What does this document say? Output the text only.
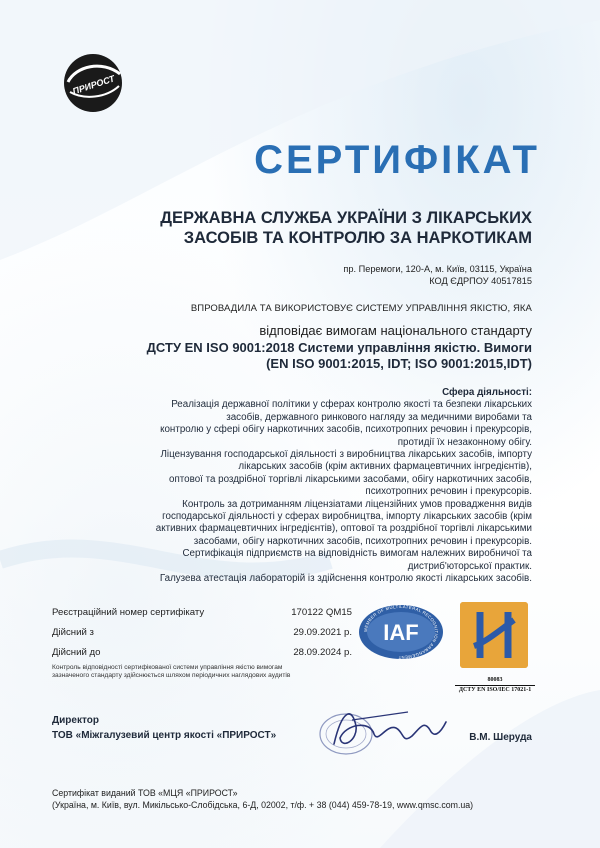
ПРИРОСТ
СЕРТИФІКАТ
ДЕРЖАВНА СЛУЖБА УКРАЇНИ З ЛІКАРСЬКИХ
ЗАСОБІВ ТА КОНТРОЛЮ ЗА НАРКОТИКАМ
пр. Перемоги, 120-А, м. Київ, 03115, Україна
КОД ЄДРПОУ 40517815
ВПРОВАДИЛА ТА ВИКОРИСТОВУЄ СИСТЕМУ УПРАВЛІННЯ ЯКІСТЮ, ЯКА
відповідає вимогам національного стандарту
ДСТУ EN ISO 9001:2018 Системи управління якістю. Вимоги
(EN ISO 9001:2015, IDT; ISO 9001:2015,IDT)
Сфера діяльності:
Реалізація державної політики у сферах контролю якості та безпеки лікарських
засобів, державного ринкового нагляду за медичними виробами та
контролю у сфері обігу наркотичних засобів, психотропних речовин і прекурсорів,
протидії їх незаконному обігу.
Ліцензування господарської діяльності з виробництва лікарських засобів, імпорту
лікарських засобів (крім активних фармацевтичних інгредієнтів),
оптової та роздрібної торгівлі лікарськими засобами, обігу наркотичних засобів,
психотропних речовин і прекурсорів.
Контроль за дотриманням ліцензіатами ліцензійних умов провадження видів
господарської діяльності у сферах виробництва, імпорту лікарських засобів (крім
активних фармацевтичних інгредієнтів), оптової та роздрібної торгівлі лікарськими
засобами, обігу наркотичних засобів, психотропних речовин і прекурсорів.
Сертифікація підприємств на відповідність вимогам належних виробничої та
дистриб'юторської практик.
Галузева атестація лабораторій із здійснення контролю якості лікарських засобів.
Реєстраційний номер сертифікату	170122 QM15
Дійсний з	29.09.2021 р.
Дійсний до	28.09.2024 р.
Контроль відповідності сертифікованої системи управління якістю вимогам
зазначеного стандарту здійснюється шляхом періодичних наглядових аудитів
MEMBER OF MULTILATERAL RECOGNITION ARRANGEMENT
IAF
80083
ДСТУ EN ISO/IEC 17021-1
Директор
ТОВ «Міжгалузевий центр якості «ПРИРОСТ»	В.М. Шеруда
Сертифікат виданий ТОВ «МЦЯ «ПРИРОСТ»
(Україна, м. Київ, вул. Микільсько-Слобідська, 6-Д, 02002, т/ф. + 38 (044) 459-78-19, www.qmsc.com.ua)
